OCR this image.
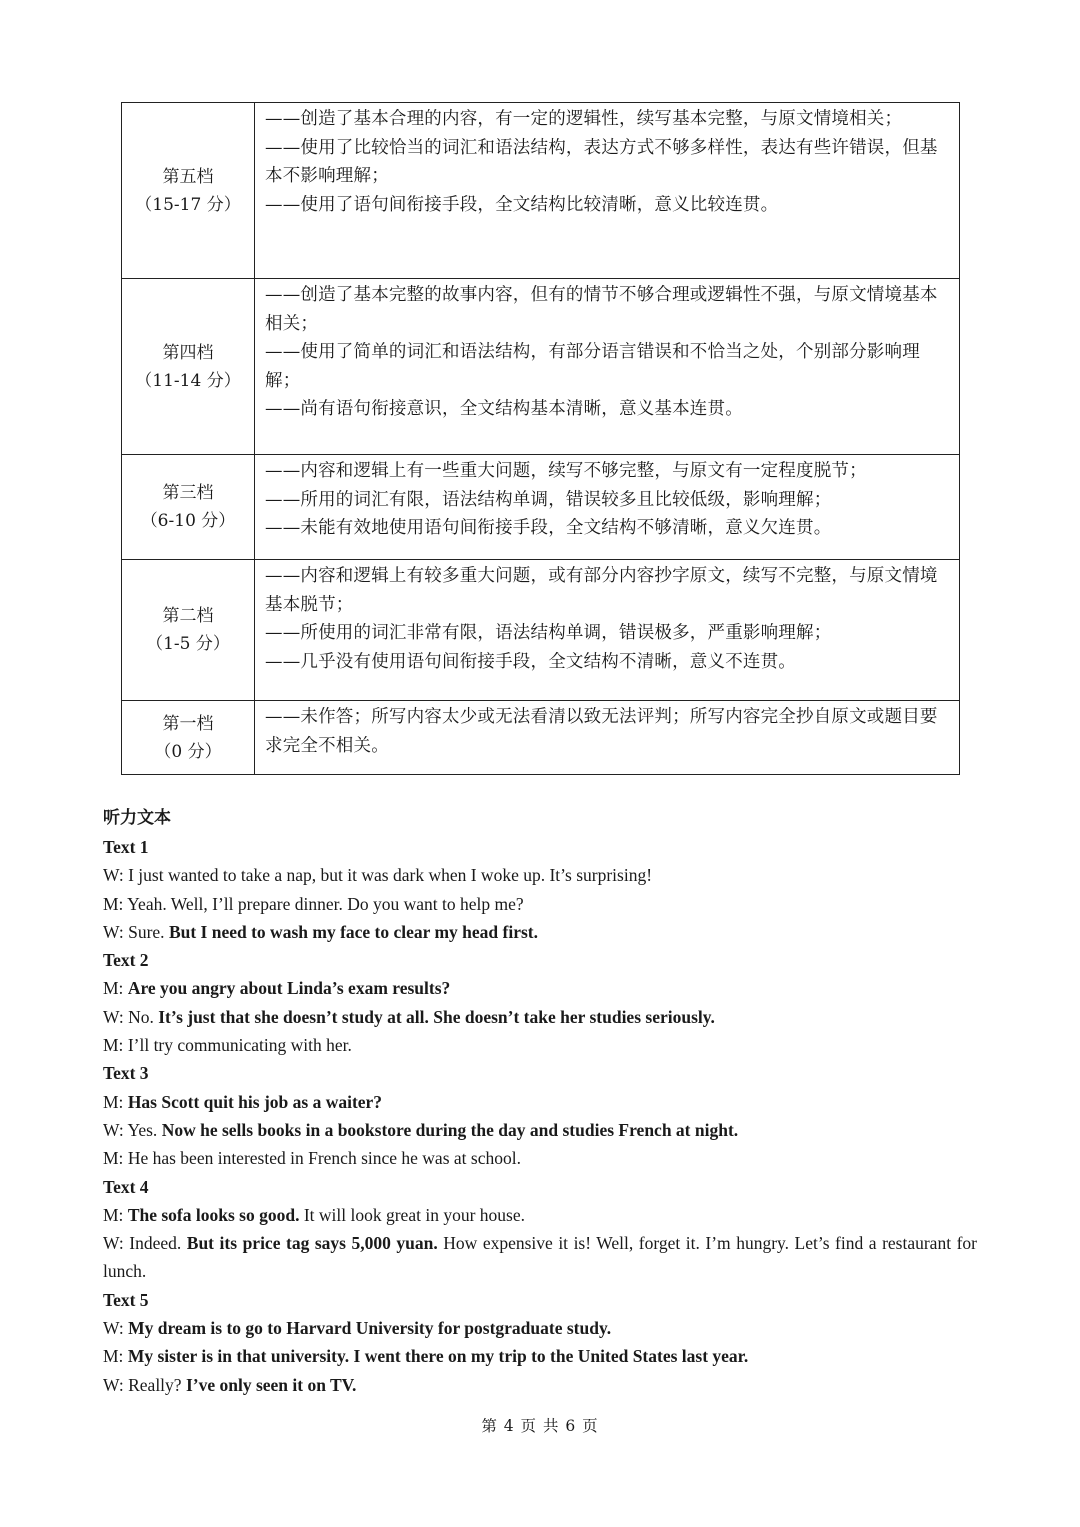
第五档
（15-17 分）	——创造了基本合理的内容，有一定的逻辑性，续写基本完整，与原文情境相关；
——使用了比较恰当的词汇和语法结构，表达方式不够多样性，表达有些许错误，但基本不影响理解；
——使用了语句间衔接手段，全文结构比较清晰，意义比较连贯。

第四档
（11-14 分）	——创造了基本完整的故事内容，但有的情节不够合理或逻辑性不强，与原文情境基本相关；
——使用了简单的词汇和语法结构，有部分语言错误和不恰当之处，个别部分影响理解；
——尚有语句衔接意识，全文结构基本清晰，意义基本连贯。

第三档
（6-10 分）	——内容和逻辑上有一些重大问题，续写不够完整，与原文有一定程度脱节；
——所用的词汇有限，语法结构单调，错误较多且比较低级，影响理解；
——未能有效地使用语句间衔接手段，全文结构不够清晰，意义欠连贯。

第二档
（1-5 分）	——内容和逻辑上有较多重大问题，或有部分内容抄字原文，续写不完整，与原文情境基本脱节；
——所使用的词汇非常有限，语法结构单调，错误极多，严重影响理解；
——几乎没有使用语句间衔接手段，全文结构不清晰，意义不连贯。

第一档
（0 分）	——未作答；所写内容太少或无法看清以致无法评判；所写内容完全抄自原文或题目要求完全不相关。
听力文本
Text 1
W: I just wanted to take a nap, but it was dark when I woke up. It’s surprising!
M: Yeah. Well, I’ll prepare dinner. Do you want to help me?
W: Sure. But I need to wash my face to clear my head first.
Text 2
M: Are you angry about Linda’s exam results?
W: No. It’s just that she doesn’t study at all. She doesn’t take her studies seriously.
M: I’ll try communicating with her.
Text 3
M: Has Scott quit his job as a waiter?
W: Yes. Now he sells books in a bookstore during the day and studies French at night.
M: He has been interested in French since he was at school.
Text 4
M: The sofa looks so good. It will look great in your house.
W: Indeed. But its price tag says 5,000 yuan. How expensive it is! Well, forget it. I’m hungry. Let’s find a restaurant for lunch.
Text 5
W: My dream is to go to Harvard University for postgraduate study.
M: My sister is in that university. I went there on my trip to the United States last year.
W: Really? I’ve only seen it on TV.
第 4 页 共 6 页
